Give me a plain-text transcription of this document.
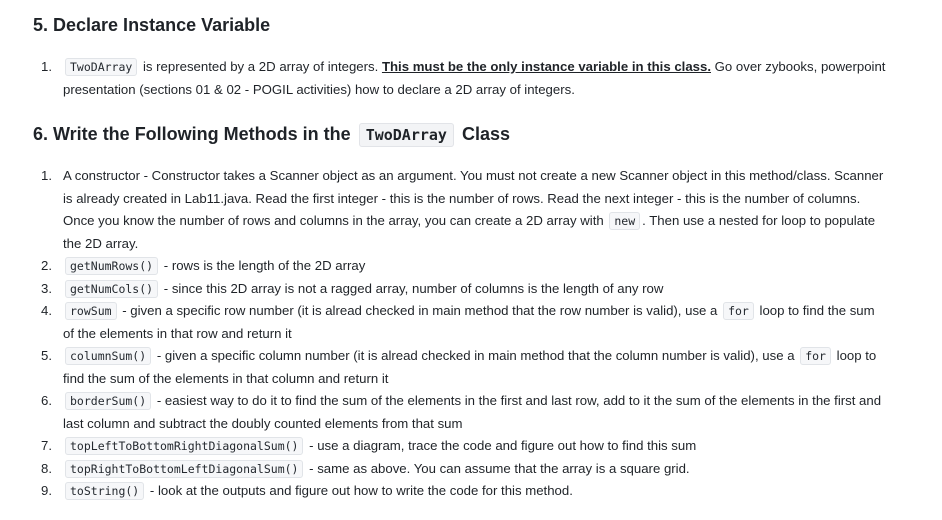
5. Declare Instance Variable
1.	TwoDArray is represented by a 2D array of integers. This must be the only instance variable in this class. Go over zybooks, powerpoint presentation (sections 01 & 02 - POGIL activities) how to declare a 2D array of integers.
6. Write the Following Methods in the TwoDArray Class
1. A constructor - Constructor takes a Scanner object as an argument. You must not create a new Scanner object in this method/class. Scanner is already created in Lab11.java. Read the first integer - this is the number of rows. Read the next integer - this is the number of columns. Once you know the number of rows and columns in the array, you can create a 2D array with new . Then use a nested for loop to populate the 2D array.
2.	getNumRows() - rows is the length of the 2D array
3.	getNumCols() - since this 2D array is not a ragged array, number of columns is the length of any row
4.	rowSum - given a specific row number (it is alread checked in main method that the row number is valid), use a for loop to find the sum of the elements in that row and return it
5.	columnSum() - given a specific column number (it is alread checked in main method that the column number is valid), use a for loop to find the sum of the elements in that column and return it
6.	borderSum() - easiest way to do it to find the sum of the elements in the first and last row, add to it the sum of the elements in the first and last column and subtract the doubly counted elements from that sum
7.	topLeftToBottomRightDiagonalSum() - use a diagram, trace the code and figure out how to find this sum
8.	topRightToBottomLeftDiagonalSum() - same as above. You can assume that the array is a square grid.
9.	toString() - look at the outputs and figure out how to write the code for this method.
